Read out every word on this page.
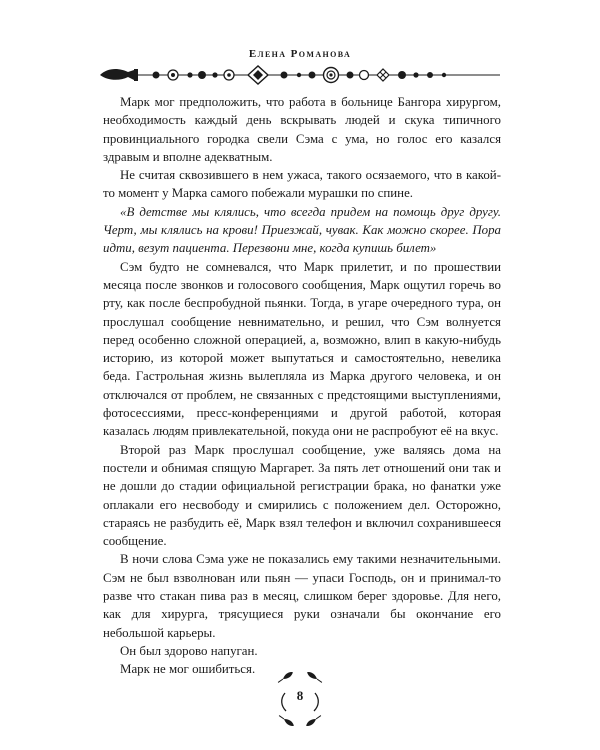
Елена Романова

Марк мог предположить, что работа в больнице Бангора хирургом, необходимость каждый день вскрывать людей и скука типичного провинциального городка свели Сэма с ума, но голос его казался здравым и вполне адекватным.

Не считая сквозившего в нем ужаса, такого осязаемого, что в какой-то момент у Марка самого побежали мурашки по спине.

«В детстве мы клялись, что всегда придем на помощь друг другу. Черт, мы клялись на крови! Приезжай, чувак. Как можно скорее. Пора идти, везут пациента. Перезвони мне, когда купишь билет»

Сэм будто не сомневался, что Марк прилетит, и по прошествии месяца после звонков и голосового сообщения, Марк ощутил горечь во рту, как после беспробудной пьянки. Тогда, в угаре очередного тура, он прослушал сообщение невнимательно, и решил, что Сэм волнуется перед особенно сложной операцией, а, возможно, влип в какую-нибудь историю, из которой может выпутаться и самостоятельно, невелика беда. Гастрольная жизнь вылепляла из Марка другого человека, и он отключался от проблем, не связанных с предстоящими выступлениями, фотосессиями, пресс-конференциями и другой работой, которая казалась людям привлекательной, покуда они не распробуют её на вкус.

Второй раз Марк прослушал сообщение, уже валяясь дома на постели и обнимая спящую Маргарет. За пять лет отношений они так и не дошли до стадии официальной регистрации брака, но фанатки уже оплакали его несвободу и смирились с положением дел. Осторожно, стараясь не разбудить её, Марк взял телефон и включил сохранившееся сообщение.

В ночи слова Сэма уже не показались ему такими незначительными. Сэм не был взволнован или пьян — упаси Господь, он и принимал-то разве что стакан пива раз в месяц, слишком берег здоровье. Для него, как для хирурга, трясущиеся руки означали бы окончание его небольшой карьеры.

Он был здорово напуган.

Марк не мог ошибиться.

8
